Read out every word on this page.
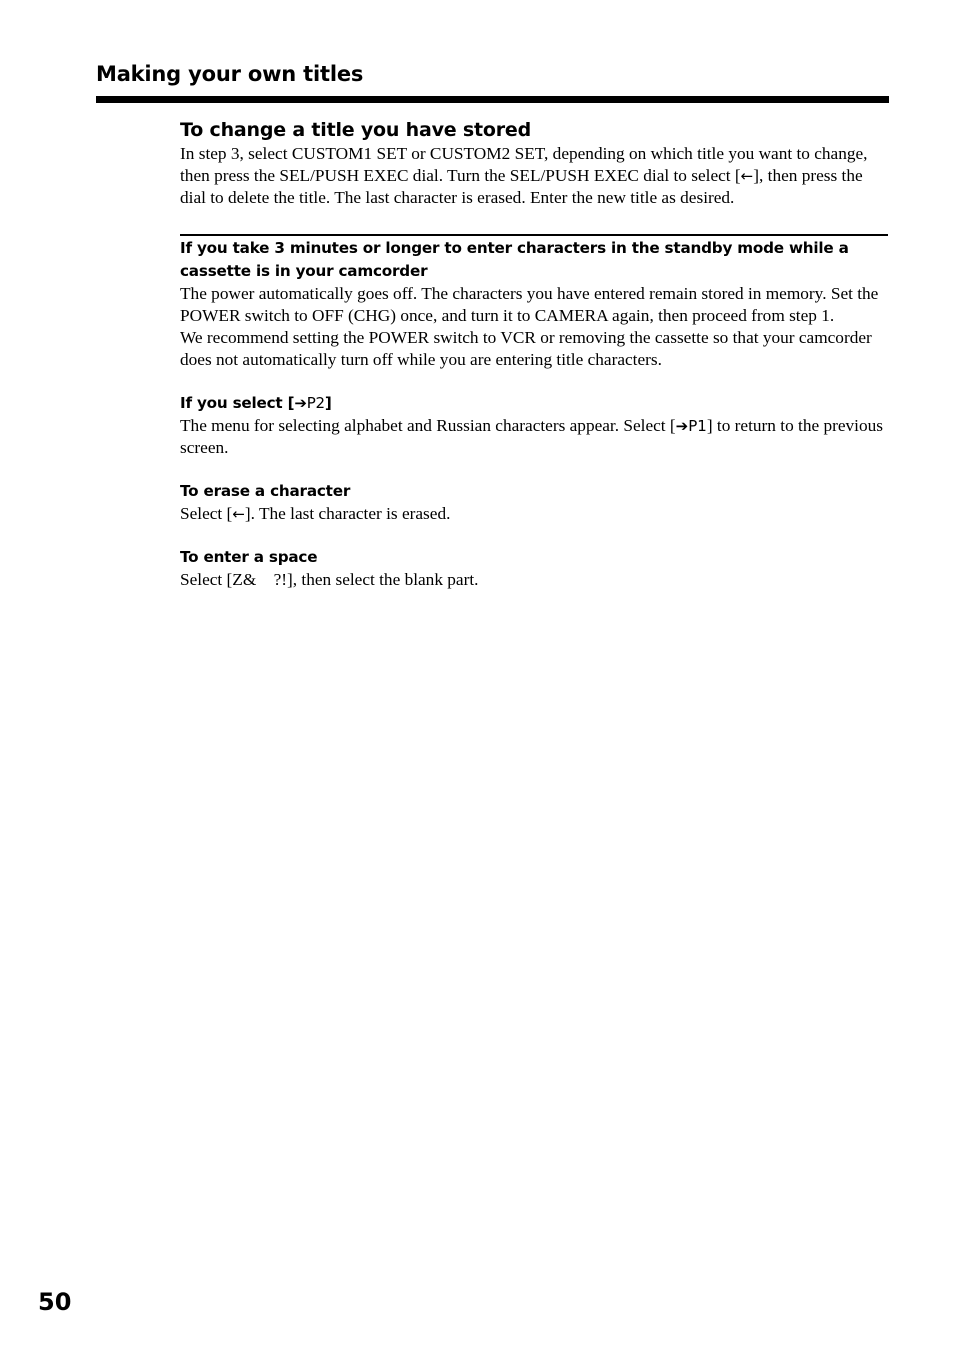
Making your own titles
To change a title you have stored

In step 3, select CUSTOM1 SET or CUSTOM2 SET, depending on which title you want to change, then press the SEL/PUSH EXEC dial. Turn the SEL/PUSH EXEC dial to select [←], then press the dial to delete the title. The last character is erased. Enter the new title as desired.

If you take 3 minutes or longer to enter characters in the standby mode while a cassette is in your camcorder

The power automatically goes off. The characters you have entered remain stored in memory. Set the POWER switch to OFF (CHG) once, and turn it to CAMERA again, then proceed from step 1.

We recommend setting the POWER switch to VCR or removing the cassette so that your camcorder does not automatically turn off while you are entering title characters.

If you select [➔P2]

The menu for selecting alphabet and Russian characters appear. Select [➔P1] to return to the previous screen.

To erase a character

Select [←]. The last character is erased.

To enter a space

Select [Z&    ?!], then select the blank part.

50
